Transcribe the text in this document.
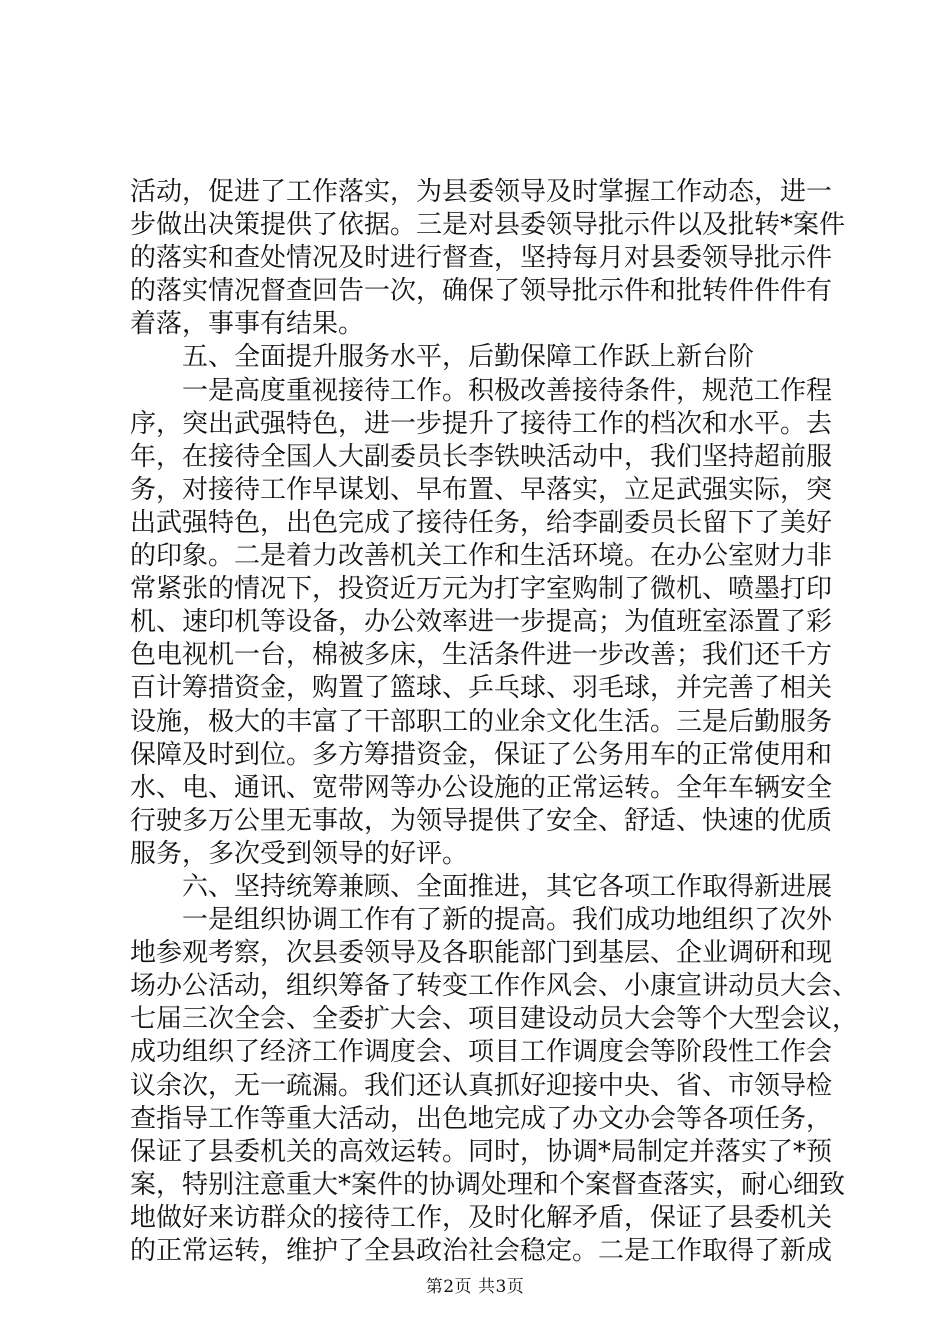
活动，促进了工作落实，为县委领导及时掌握工作动态，进一
步做出决策提供了依据。三是对县委领导批示件以及批转*案件
的落实和查处情况及时进行督查，坚持每月对县委领导批示件
的落实情况督查回告一次，确保了领导批示件和批转件件件有
着落，事事有结果。
五、全面提升服务水平，后勤保障工作跃上新台阶
一是高度重视接待工作。积极改善接待条件，规范工作程
序，突出武强特色，进一步提升了接待工作的档次和水平。去
年，在接待全国人大副委员长李铁映活动中，我们坚持超前服
务，对接待工作早谋划、早布置、早落实，立足武强实际，突
出武强特色，出色完成了接待任务，给李副委员长留下了美好
的印象。二是着力改善机关工作和生活环境。在办公室财力非
常紧张的情况下，投资近万元为打字室购制了微机、喷墨打印
机、速印机等设备，办公效率进一步提高；为值班室添置了彩
色电视机一台，棉被多床，生活条件进一步改善；我们还千方
百计筹措资金，购置了篮球、乒乓球、羽毛球，并完善了相关
设施，极大的丰富了干部职工的业余文化生活。三是后勤服务
保障及时到位。多方筹措资金，保证了公务用车的正常使用和
水、电、通讯、宽带网等办公设施的正常运转。全年车辆安全
行驶多万公里无事故，为领导提供了安全、舒适、快速的优质
服务，多次受到领导的好评。
六、坚持统筹兼顾、全面推进，其它各项工作取得新进展
一是组织协调工作有了新的提高。我们成功地组织了次外
地参观考察，次县委领导及各职能部门到基层、企业调研和现
场办公活动，组织筹备了转变工作作风会、小康宣讲动员大会、
七届三次全会、全委扩大会、项目建设动员大会等个大型会议，
成功组织了经济工作调度会、项目工作调度会等阶段性工作会
议余次，无一疏漏。我们还认真抓好迎接中央、省、市领导检
查指导工作等重大活动，出色地完成了办文办会等各项任务，
保证了县委机关的高效运转。同时，协调*局制定并落实了*预
案，特别注意重大*案件的协调处理和个案督查落实，耐心细致
地做好来访群众的接待工作，及时化解矛盾，保证了县委机关
的正常运转，维护了全县政治社会稳定。二是工作取得了新成
第2页 共3页
